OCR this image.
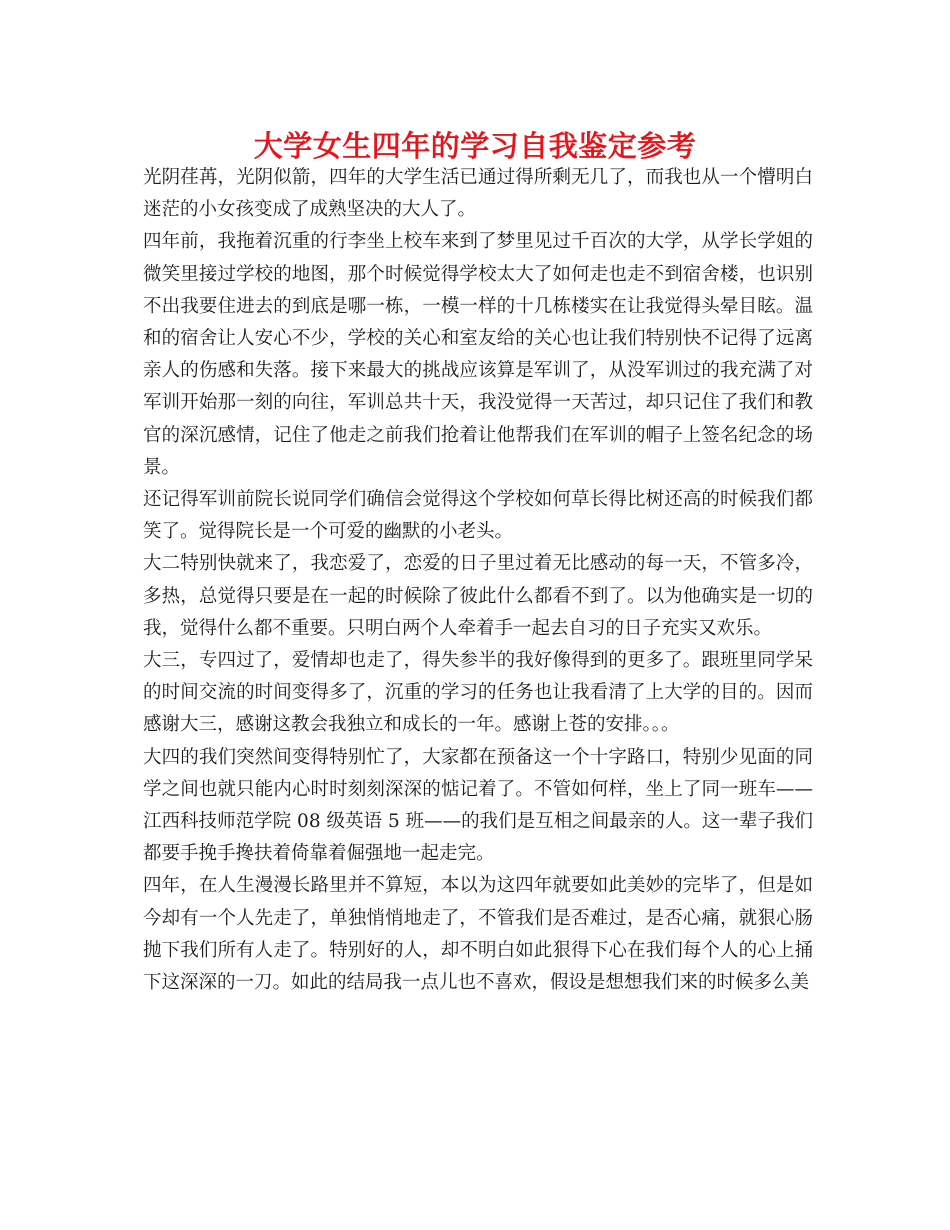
大学女生四年的学习自我鉴定参考

光阴荏苒，光阴似箭，四年的大学生活已通过得所剩无几了，而我也从一个懵明白迷茫的小女孩变成了成熟坚决的大人了。

四年前，我拖着沉重的行李坐上校车来到了梦里见过千百次的大学，从学长学姐的微笑里接过学校的地图，那个时候觉得学校太大了如何走也走不到宿舍楼，也识别不出我要住进去的到底是哪一栋，一模一样的十几栋楼实在让我觉得头晕目眩。温和的宿舍让人安心不少，学校的关心和室友给的关心也让我们特别快不记得了远离亲人的伤感和失落。接下来最大的挑战应该算是军训了，从没军训过的我充满了对军训开始那一刻的向往，军训总共十天，我没觉得一天苦过，却只记住了我们和教官的深沉感情，记住了他走之前我们抢着让他帮我们在军训的帽子上签名纪念的场景。

还记得军训前院长说同学们确信会觉得这个学校如何草长得比树还高的时候我们都笑了。觉得院长是一个可爱的幽默的小老头。

大二特别快就来了，我恋爱了，恋爱的日子里过着无比感动的每一天，不管多冷，多热，总觉得只要是在一起的时候除了彼此什么都看不到了。以为他确实是一切的我，觉得什么都不重要。只明白两个人牵着手一起去自习的日子充实又欢乐。

大三，专四过了，爱情却也走了，得失参半的我好像得到的更多了。跟班里同学呆的时间交流的时间变得多了，沉重的学习的任务也让我看清了上大学的目的。因而感谢大三，感谢这教会我独立和成长的一年。感谢上苍的安排。。。

大四的我们突然间变得特别忙了，大家都在预备这一个十字路口，特别少见面的同学之间也就只能内心时时刻刻深深的惦记着了。不管如何样，坐上了同一班车——江西科技师范学院 08 级英语 5 班——的我们是互相之间最亲的人。这一辈子我们都要手挽手搀扶着倚靠着倔强地一起走完。

四年，在人生漫漫长路里并不算短，本以为这四年就要如此美妙的完毕了，但是如今却有一个人先走了，单独悄悄地走了，不管我们是否难过，是否心痛，就狠心肠抛下我们所有人走了。特别好的人，却不明白如此狠得下心在我们每个人的心上捅下这深深的一刀。如此的结局我一点儿也不喜欢，假设是想想我们来的时候多么美
